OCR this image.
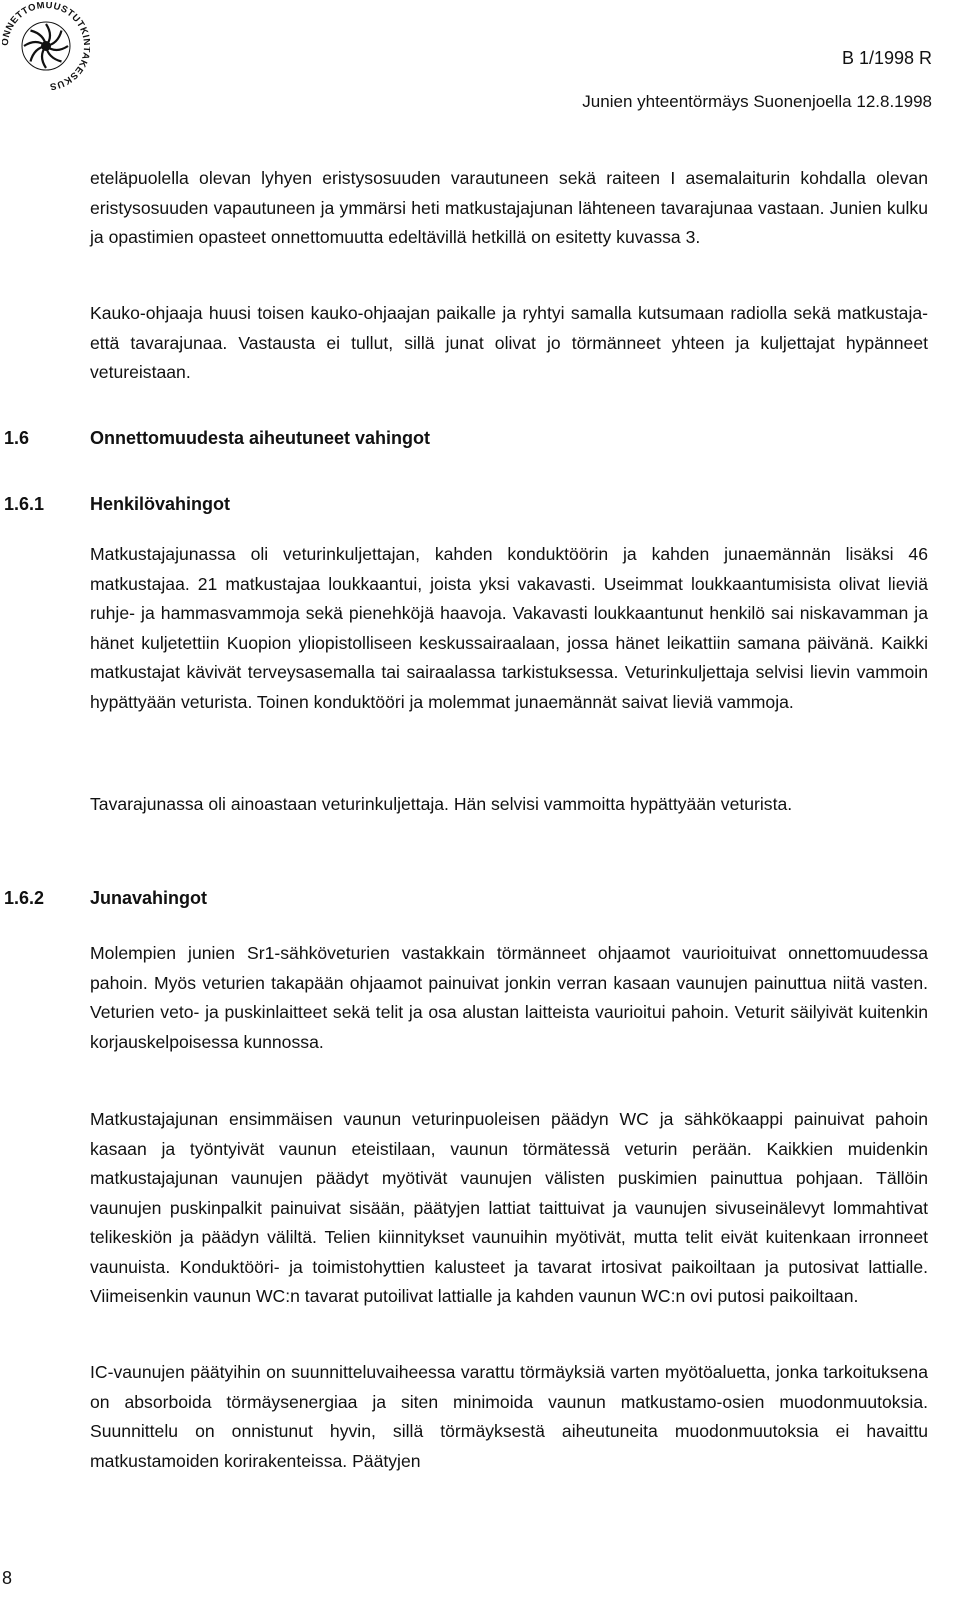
NNETTOMUUSTUTKI KESKUS
B 1/1998 R
Junien yhteentörmäys Suonenjoella 12.8.1998

eteläpuolella olevan lyhyen eristysosuuden varautuneen sekä raiteen I asemalaiturin kohdalla olevan eristysosuuden vapautuneen ja ymmärsi heti matkustajajunan lähteneen tavarajunaa vastaan. Junien kulku ja opastimien opasteet onnettomuutta edeltävillä hetkillä on esitetty kuvassa 3.

Kauko-ohjaaja huusi toisen kauko-ohjaajan paikalle ja ryhtyi samalla kutsumaan radiolla sekä matkustaja- että tavarajunaa. Vastausta ei tullut, sillä junat olivat jo törmänneet yhteen ja kuljettajat hypänneet vetureistaan.

1.6	Onnettomuudesta aiheutuneet vahingot
1.6.1	Henkilövahingot

Matkustajajunassa oli veturinkuljettajan, kahden konduktöörin ja kahden junaemännän lisäksi 46 matkustajaa. 21 matkustajaa loukkaantui, joista yksi vakavasti. Useimmat loukkaantumisista olivat lieviä ruhje- ja hammasvammoja sekä pienehköjä haavoja. Vakavasti loukkaantunut henkilö sai niskavamman ja hänet kuljetettiin Kuopion yliopistolliseen keskussairaalaan, jossa hänet leikattiin samana päivänä. Kaikki matkustajat kävivät terveysasemalla tai sairaalassa tarkistuksessa. Veturinkuljettaja selvisi lievin vammoin hypättyään veturista. Toinen konduktööri ja molemmat junaemännät saivat lieviä vammoja.

Tavarajunassa oli ainoastaan veturinkuljettaja. Hän selvisi vammoitta hypättyään veturista.

1.6.2	Junavahingot

Molempien junien Sr1-sähköveturien vastakkain törmänneet ohjaamot vaurioituivat onnettomuudessa pahoin. Myös veturien takapään ohjaamot painuivat jonkin verran kasaan vaunujen painuttua niitä vasten. Veturien veto- ja puskinlaitteet sekä telit ja osa alustan laitteista vaurioitui pahoin. Veturit säilyivät kuitenkin korjauskelpoisessa kunnossa.

Matkustajajunan ensimmäisen vaunun veturinpuoleisen päädyn WC ja sähkökaappi painuivat pahoin kasaan ja työntyivät vaunun eteistilaan, vaunun törmätessä veturin perään. Kaikkien muidenkin matkustajajunan vaunujen päädyt myötivät vaunujen välisten puskimien painuttua pohjaan. Tällöin vaunujen puskinpalkit painuivat sisään, päätyjen lattiat taittuivat ja vaunujen sivuseinälevyt lommahtivat telikeskiön ja päädyn väliltä. Telien kiinnitykset vaunuihin myötivät, mutta telit eivät kuitenkaan irronneet vaunuista. Konduktööri- ja toimistohyttien kalusteet ja tavarat irtosivat paikoiltaan ja putosivat lattialle. Viimeisenkin vaunun WC:n tavarat putoilivat lattialle ja kahden vaunun WC:n ovi putosi paikoiltaan.

IC-vaunujen päätyihin on suunnitteluvaiheessa varattu törmäyksiä varten myötöaluetta, jonka tarkoituksena on absorboida törmäysenergiaa ja siten minimoida vaunun matkustamo-osien muodonmuutoksia. Suunnittelu on onnistunut hyvin, sillä törmäyksestä aiheutuneita muodonmuutoksia ei havaittu matkustamoiden korirakenteissa. Päätyjen

8
